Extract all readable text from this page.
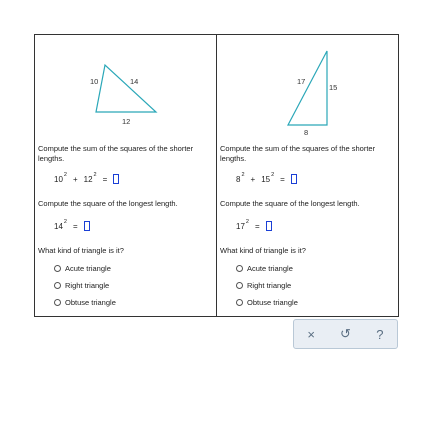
10	14
12
Compute the sum of the squares of the shorter lengths.
$10^2 + 12^2$ =
Compute the square of the longest length.
$14^2$ =
What kind of triangle is it?
Acute triangle
Right triangle
Obtuse triangle
17
15
8
Compute the sum of the squares of the shorter lengths.
$8^2 + 15^2$ =
Compute the square of the longest length.
$17^2$ =
What kind of triangle is it?
Acute triangle
Right triangle
Obtuse triangle
×	↺	?
